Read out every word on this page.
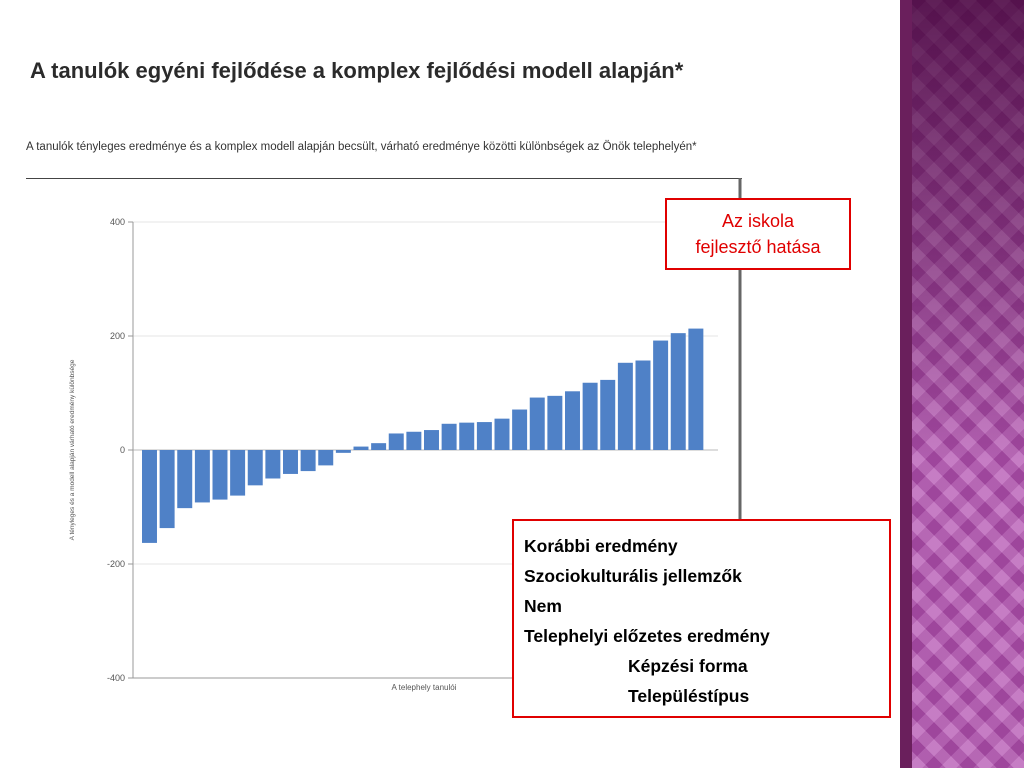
A tanulók egyéni fejlődése a komplex fejlődési modell alapján*

A tanulók tényleges eredménye és a komplex modell alapján becsült, várható eredménye közötti különbségek az Önök telephelyén*

400
200
0
-200
-400
A telephely tanulói
A tényleges és a modell alapján várható eredmény különbsége
Az iskola
fejlesztő hatása
Korábbi eredmény
Szociokulturális jellemzők
Nem
Telephelyi előzetes eredmény
Képzési forma
Településtípus
